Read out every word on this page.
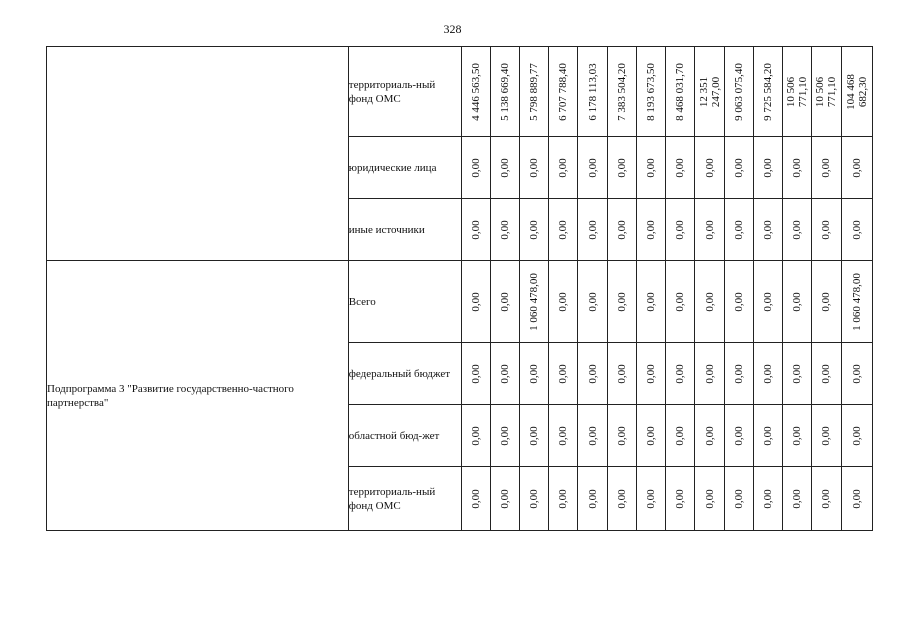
328
	территориаль-ный фонд ОМС	4 446 563,50	5 138 669,40	5 798 889,77	6 707 788,40	6 178 113,03	7 383 504,20	8 193 673,50	8 468 031,70	12 351 247,00	9 063 075,40	9 725 584,20	10 506 771,10	10 506 771,10	104 468 682,30

	юридические лица	0,00	0,00	0,00	0,00	0,00	0,00	0,00	0,00	0,00	0,00	0,00	0,00	0,00	0,00

	иные источники	0,00	0,00	0,00	0,00	0,00	0,00	0,00	0,00	0,00	0,00	0,00	0,00	0,00	0,00

Подпрограмма 3 "Развитие государственно-частного партнерства"	Всего	0,00	0,00	1 060 478,00	0,00	0,00	0,00	0,00	0,00	0,00	0,00	0,00	0,00	0,00	1 060 478,00

	федеральный бюджет	0,00	0,00	0,00	0,00	0,00	0,00	0,00	0,00	0,00	0,00	0,00	0,00	0,00	0,00

	областной бюд-жет	0,00	0,00	0,00	0,00	0,00	0,00	0,00	0,00	0,00	0,00	0,00	0,00	0,00	0,00

	территориаль-ный фонд ОМС	0,00	0,00	0,00	0,00	0,00	0,00	0,00	0,00	0,00	0,00	0,00	0,00	0,00	0,00
